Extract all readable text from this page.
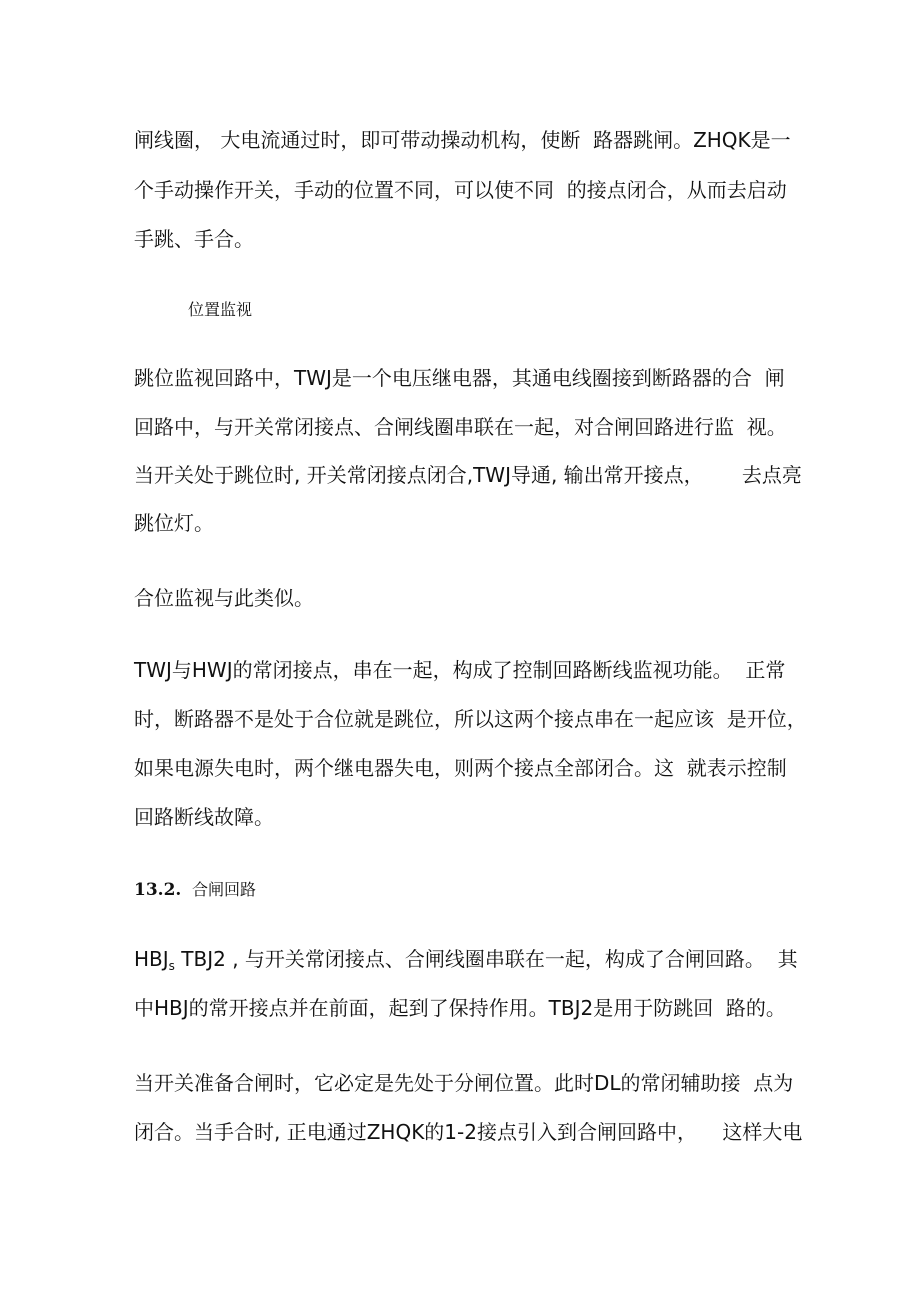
闸线圈， 大电流通过时，即可带动操动机构，使断  路器跳闸。ZHQK是一
个手动操作开关，手动的位置不同，可以使不同  的接点闭合，从而去启动
手跳、手合。
位置监视
跳位监视回路中，TWJ是一个电压继电器，其通电线圈接到断路器的合  闸
回路中，与开关常闭接点、合闸线圈串联在一起，对合闸回路进行监  视。
当开关处于跳位时, 开关常闭接点闭合,TWJ导通, 输出常开接点，      去点亮
跳位灯。
合位监视与此类似。
TWJ与HWJ的常闭接点，串在一起，构成了控制回路断线监视功能。  正常
时，断路器不是处于合位就是跳位，所以这两个接点串在一起应该  是开位，
如果电源失电时，两个继电器失电，则两个接点全部闭合。这  就表示控制
回路断线故障。
13.2. 合闸回路
$HBJ_s$ TBJ2 , 与开关常闭接点、合闸线圈串联在一起，构成了合闸回路。  其
中HBJ的常开接点并在前面，起到了保持作用。TBJ2是用于防跳回  路的。
当开关准备合闸时，它必定是先处于分闸位置。此时DL的常闭辅助接  点为
闭合。当手合时, 正电通过ZHQK的1-2接点引入到合闸回路中，    这样大电
